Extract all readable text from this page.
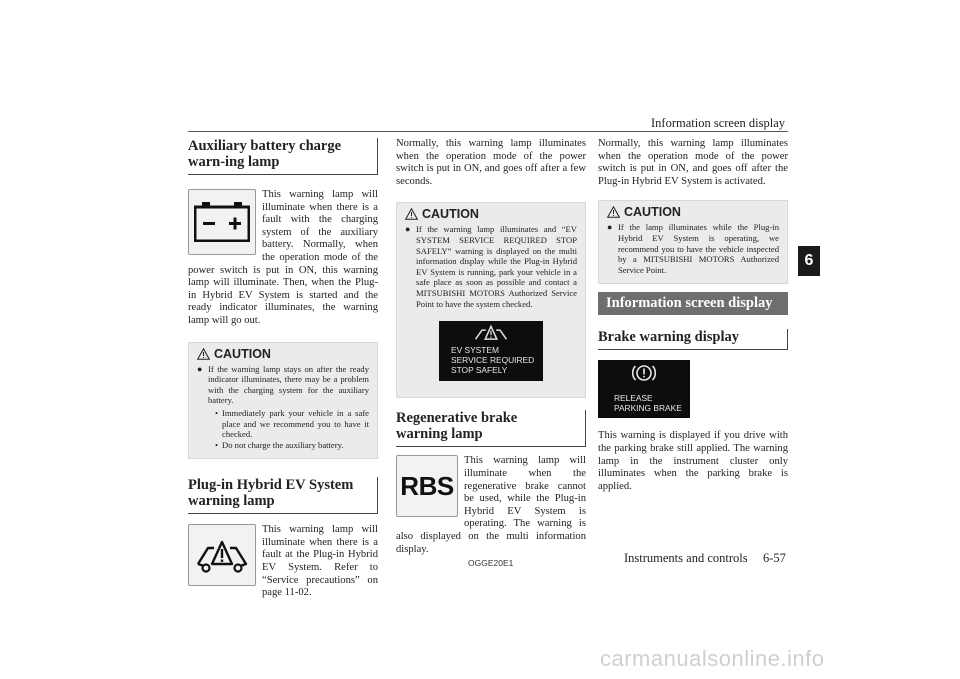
Information screen display
6
Auxiliary battery charge warn-ing lamp

This warning lamp will illuminate when there is a fault with the charging system of the auxiliary battery. Normally, when the operation mode of the power switch is put in ON, this warning lamp will illuminate. Then, when the Plug-in Hybrid EV System is started and the ready indicator illuminates, the warning lamp will go out.

CAUTION
● If the warning lamp stays on after the ready indicator illuminates, there may be a problem with the charging system for the auxiliary battery.
• Immediately park your vehicle in a safe place and we recommend you to have it checked.
• Do not charge the auxiliary battery.
Plug-in Hybrid EV System warning lamp

This warning lamp will illuminate when there is a fault at the Plug-in Hybrid EV System. Refer to “Service precautions” on page 11-02.

Normally, this warning lamp illuminates when the operation mode of the power switch is put in ON, and goes off after a few seconds.

CAUTION
● If the warning lamp illuminates and “EV SYSTEM SERVICE REQUIRED STOP SAFELY” warning is displayed on the multi information display while the Plug-in Hybrid EV System is running, park your vehicle in a safe place as soon as possible and contact a MITSUBISHI MOTORS Authorized Service Point to have the system checked.
EV SYSTEM
SERVICE REQUIRED
STOP SAFELY
Regenerative brake warning lamp
RBS

This warning lamp will illuminate when the regenerative brake cannot be used, while the Plug-in Hybrid EV System is operating. The warning is also displayed on the multi information display.

Normally, this warning lamp illuminates when the operation mode of the power switch is put in ON, and goes off after the Plug-in Hybrid EV System is activated.

CAUTION
● If the lamp illuminates while the Plug-in Hybrid EV System is operating, we recommend you to have the vehicle inspected by a MITSUBISHI MOTORS Authorized Service Point.
Information screen display
Brake warning display
RELEASE
PARKING BRAKE

This warning is displayed if you drive with the parking brake still applied. The warning lamp in the instrument cluster only illuminates when the parking brake is applied.

OGGE20E1	Instruments and controls 6-57
carmanualsonline.info
